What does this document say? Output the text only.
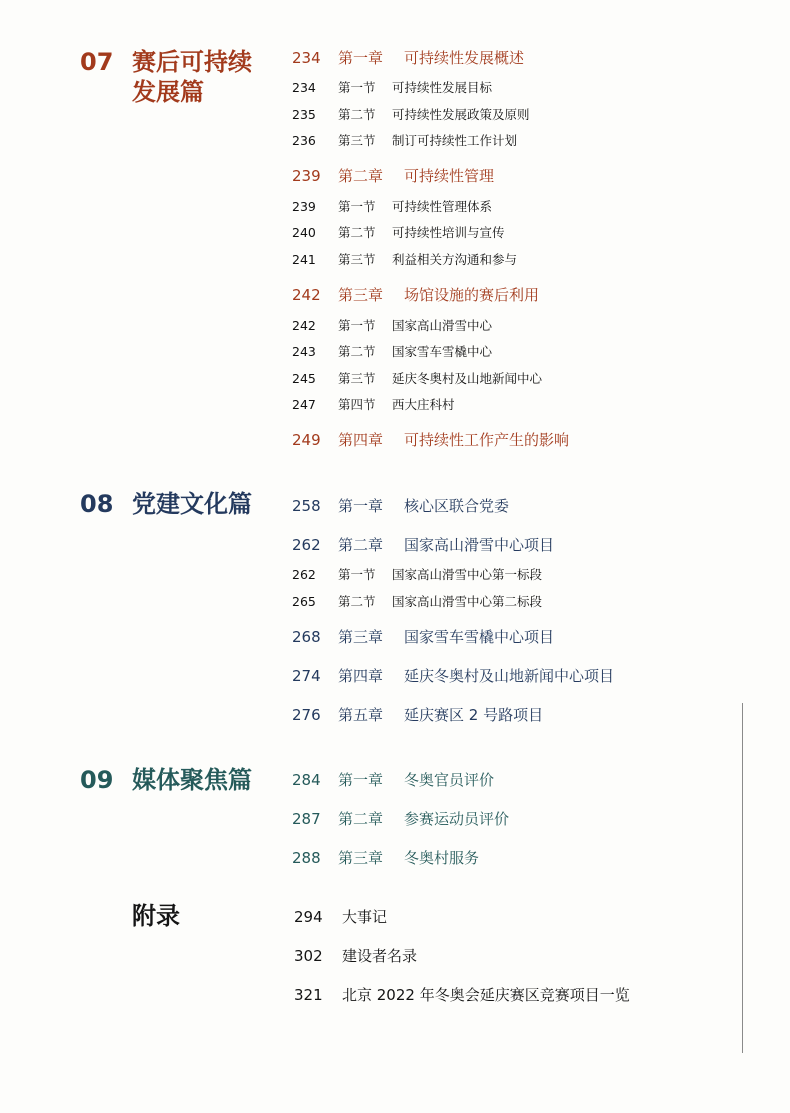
07 赛后可持续
发展篇
234 第一章 可持续性发展概述
234 第一节 可持续性发展目标
235 第二节 可持续性发展政策及原则
236 第三节 制订可持续性工作计划
239 第二章 可持续性管理
239 第一节 可持续性管理体系
240 第二节 可持续性培训与宣传
241 第三节 利益相关方沟通和参与
242 第三章 场馆设施的赛后利用
242 第一节 国家高山滑雪中心
243 第二节 国家雪车雪橇中心
245 第三节 延庆冬奥村及山地新闻中心
247 第四节 西大庄科村
249 第四章 可持续性工作产生的影响
08 党建文化篇	258 第一章 核心区联合党委
262 第二章 国家高山滑雪中心项目
262 第一节 国家高山滑雪中心第一标段
265 第二节 国家高山滑雪中心第二标段
268 第三章 国家雪车雪橇中心项目
274 第四章 延庆冬奥村及山地新闻中心项目
276 第五章 延庆赛区 2 号路项目
09 媒体聚焦篇	284 第一章 冬奥官员评价
287 第二章 参赛运动员评价
288 第三章 冬奥村服务
附录	294 大事记
302 建设者名录
321 北京 2022 年冬奥会延庆赛区竞赛项目一览
